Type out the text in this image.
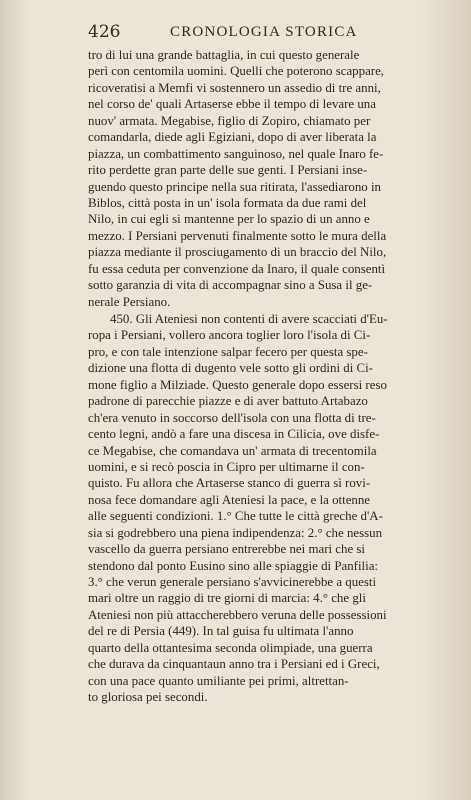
426	CRONOLOGIA STORICA
tro di lui una grande battaglia, in cui questo generale
perì con centomila uomini. Quelli che poterono scappare,
ricoveratisi a Memfi vi sostennero un assedio di tre anni,
nel corso de' quali Artaserse ebbe il tempo di levare una
nuov' armata. Megabise, figlio di Zopiro, chiamato per
comandarla, diede agli Egiziani, dopo di aver liberata la
piazza, un combattimento sanguinoso, nel quale Inaro fe-
rito perdette gran parte delle sue genti. I Persiani inse-
guendo questo principe nella sua ritirata, l'assediarono in
Biblos, città posta in un' isola formata da due rami del
Nilo, in cui egli si mantenne per lo spazio di un anno e
mezzo. I Persiani pervenuti finalmente sotto le mura della
piazza mediante il prosciugamento di un braccio del Nilo,
fu essa ceduta per convenzione da Inaro, il quale consentì
sotto garanzia di vita di accompagnar sino a Susa il ge-
nerale Persiano.
450. Gli Ateniesi non contenti di avere scacciati d'Eu-
ropa i Persiani, vollero ancora toglier loro l'isola di Ci-
pro, e con tale intenzione salpar fecero per questa spe-
dizione una flotta di dugento vele sotto gli ordini di Ci-
mone figlio a Milziade. Questo generale dopo essersi reso
padrone di parecchie piazze e di aver battuto Artabazo
ch'era venuto in soccorso dell'isola con una flotta di tre-
cento legni, andò a fare una discesa in Cilicia, ove disfe-
ce Megabise, che comandava un' armata di trecentomila
uomini, e si recò poscia in Cipro per ultimarne il con-
quisto. Fu allora che Artaserse stanco di guerra sì rovi-
nosa fece domandare agli Ateniesi la pace, e la ottenne
alle seguenti condizioni. 1.° Che tutte le città greche d'A-
sia si godrebbero una piena indipendenza: 2.° che nessun
vascello da guerra persiano entrerebbe nei mari che si
stendono dal ponto Eusino sino alle spiaggie di Panfilia:
3.° che verun generale persiano s'avvicinerebbe a questi
mari oltre un raggio di tre giorni di marcia: 4.° che gli
Ateniesi non più attaccherebbero veruna delle possessioni
del re di Persia (449). In tal guisa fu ultimata l'anno
quarto della ottantesima seconda olimpiade, una guerra
che durava da cinquantaun anno tra i Persiani ed i Greci,
con una pace quanto umiliante pei primi, altrettan-
to gloriosa pei secondi.
